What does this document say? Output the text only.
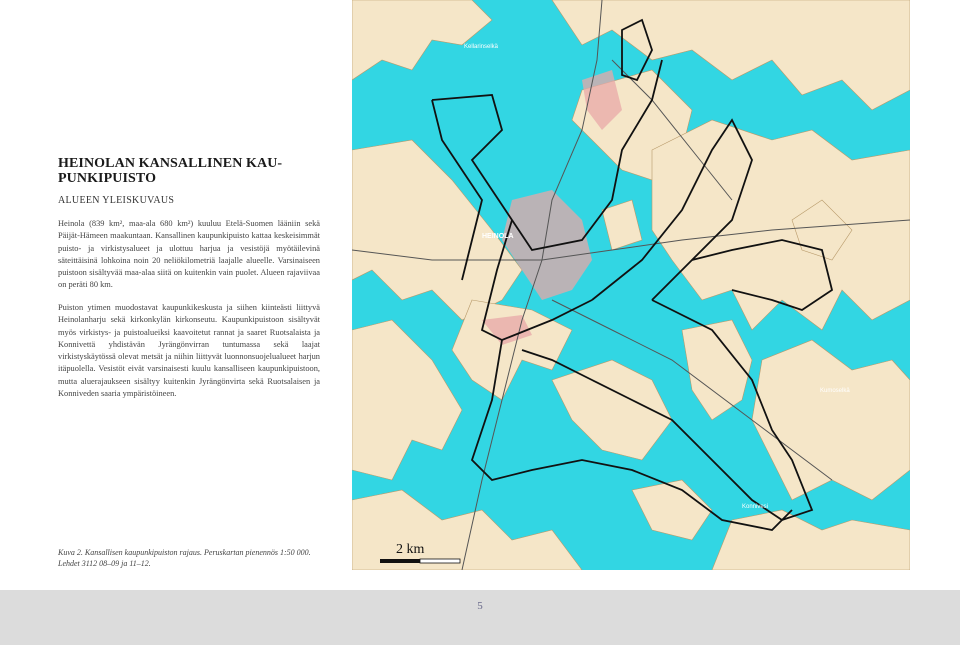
HEINOLAN KANSALLINEN KAU-PUNKIPUISTO
ALUEEN YLEISKUVAUS

Heinola (839 km², maa-ala 680 km²) kuuluu Etelä-Suomen lääniin sekä Päijät-Hämeen maakuntaan. Kansallinen kaupunkipuisto kattaa keskeisimmät puisto- ja virkistysalueet ja ulottuu harjua ja vesistöjä myötäilevinä säteittäisinä lohkoina noin 20 neliökilometriä laajalle alueelle. Varsinaiseen puistoon sisältyvää maa-alaa siitä on kuitenkin vain puolet. Alueen rajaviivaa on peräti 80 km.

Puiston ytimen muodostavat kaupunkikeskusta ja siihen kiinteästi liittyvä Heinolanharju sekä kirkonkylän kirkonseutu. Kaupunkipuistoon sisältyvät myös virkistys- ja puistoalueiksi kaavoitetut rannat ja saaret Ruotsalaista ja Konnivettä yhdistävän Jyrängönvirran tuntumassa sekä laajat virkistyskäytössä olevat metsät ja niihin liittyvät luonnonsuojelualueet harjun itäpuolella. Vesistöt eivät varsinaisesti kuulu kansalliseen kaupunkipuistoon, mutta aluerajaukseen sisältyy kuitenkin Jyrängönvirta sekä Ruotsalaisen ja Konniveden saaria ympäristöineen.

Kuva 2. Kansallisen kaupunkipuiston rajaus. Peruskartan pienennös 1:50 000.
Lehdet 3112 08–09 ja 11–12.
Kellarinselkä
HEINOLA
Kumoselkä
Konnivesi
2 km
5
